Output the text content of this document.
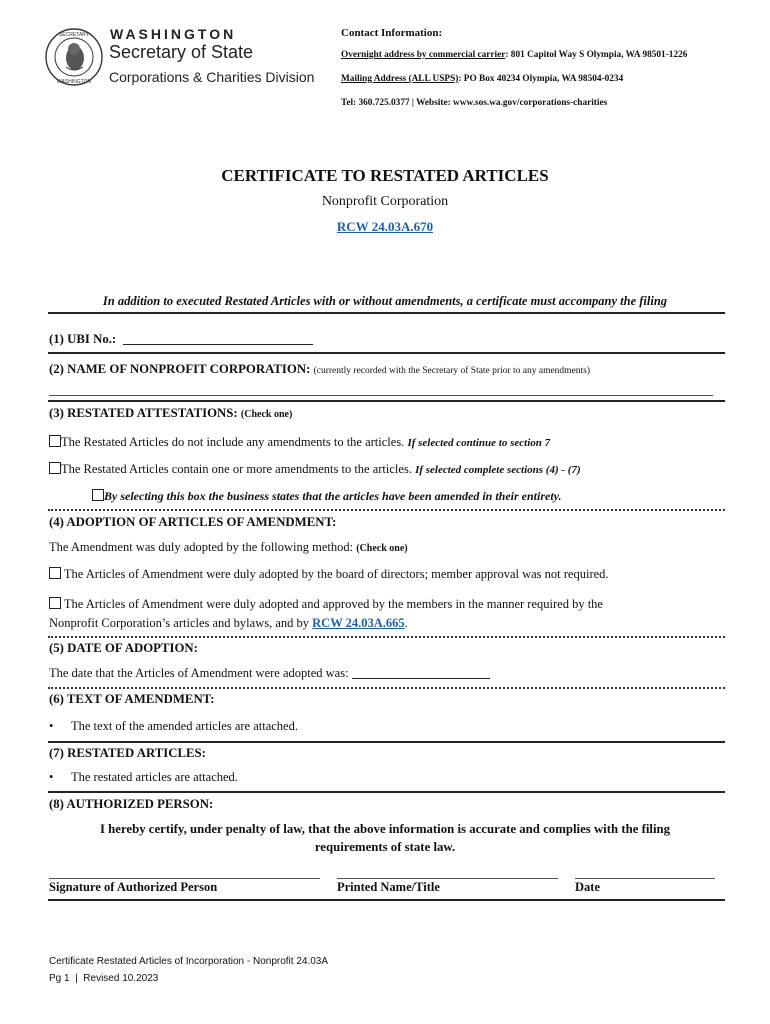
SECRETARY
WASHINGTON
WASHINGTON
Secretary of State
Corporations & Charities Division
Contact Information:
Overnight address by commercial carrier: 801 Capitol Way S Olympia, WA 98501-1226
Mailing Address (ALL USPS): PO Box 40234 Olympia, WA 98504-0234
Tel: 360.725.0377 | Website: www.sos.wa.gov/corporations-charities
CERTIFICATE TO RESTATED ARTICLES
Nonprofit Corporation
RCW 24.03A.670
In addition to executed Restated Articles with or without amendments, a certificate must accompany the filing
(1) UBI No.:
(2) NAME OF NONPROFIT CORPORATION: (currently recorded with the Secretary of State prior to any amendments)
(3) RESTATED ATTESTATIONS: (Check one)
The Restated Articles do not include any amendments to the articles. If selected continue to section 7
The Restated Articles contain one or more amendments to the articles. If selected complete sections (4) - (7)
By selecting this box the business states that the articles have been amended in their entirety.
(4) ADOPTION OF ARTICLES OF AMENDMENT:
The Amendment was duly adopted by the following method: (Check one)
The Articles of Amendment were duly adopted by the board of directors; member approval was not required.
The Articles of Amendment were duly adopted and approved by the members in the manner required by the
Nonprofit Corporation’s articles and bylaws, and by RCW 24.03A.665.
(5) DATE OF ADOPTION:
The date that the Articles of Amendment were adopted was:
(6) TEXT OF AMENDMENT:
• The text of the amended articles are attached.
(7) RESTATED ARTICLES:
• The restated articles are attached.
(8) AUTHORIZED PERSON:
I hereby certify, under penalty of law, that the above information is accurate and complies with the filing
requirements of state law.
Signature of Authorized Person	Printed Name/Title	Date
Certificate Restated Articles of Incorporation - Nonprofit 24.03A
Pg 1  |  Revised 10.2023
